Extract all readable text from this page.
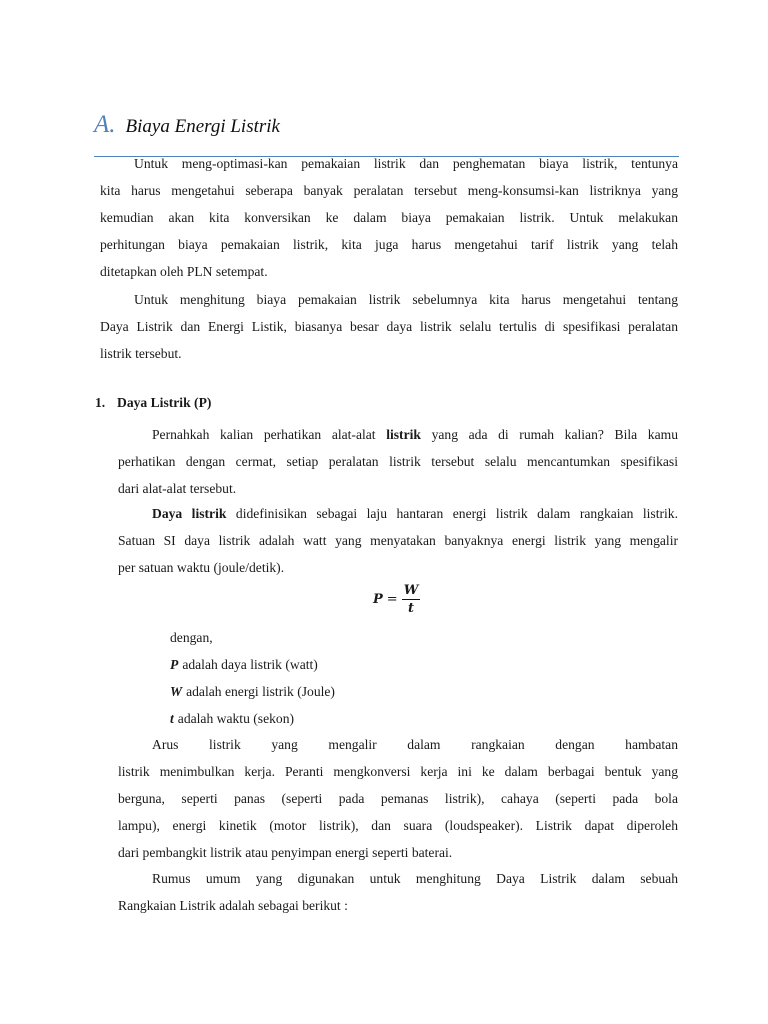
A. Biaya Energi Listrik
Untuk meng-optimasi-kan pemakaian listrik dan penghematan biaya listrik, tentunya
kita harus mengetahui seberapa banyak peralatan tersebut meng-konsumsi-kan listriknya yang
kemudian akan kita konversikan ke dalam biaya pemakaian listrik. Untuk melakukan
perhitungan biaya pemakaian listrik, kita juga harus mengetahui tarif listrik yang telah
ditetapkan oleh PLN setempat.
Untuk menghitung biaya pemakaian listrik sebelumnya kita harus mengetahui tentang
Daya Listrik dan Energi Listik, biasanya besar daya listrik selalu tertulis di spesifikasi peralatan
listrik tersebut.
1. Daya Listrik (P)
Pernahkah kalian perhatikan alat-alat listrik yang ada di rumah kalian? Bila kamu
perhatikan dengan cermat, setiap peralatan listrik tersebut selalu mencantumkan spesifikasi
dari alat-alat tersebut.
Daya listrik didefinisikan sebagai laju hantaran energi listrik dalam rangkaian listrik.
Satuan SI daya listrik adalah watt yang menyatakan banyaknya energi listrik yang mengalir
per satuan waktu (joule/detik).
$P = \frac{W}{t}$
dengan,
P adalah daya listrik (watt)
W adalah energi listrik (Joule)
t adalah waktu (sekon)
Arus listrik yang mengalir dalam rangkaian dengan hambatan
listrik menimbulkan kerja. Peranti mengkonversi kerja ini ke dalam berbagai bentuk yang
berguna, seperti panas (seperti pada pemanas listrik), cahaya (seperti pada bola
lampu), energi kinetik (motor listrik), dan suara (loudspeaker). Listrik dapat diperoleh
dari pembangkit listrik atau penyimpan energi seperti baterai.
Rumus umum yang digunakan untuk menghitung Daya Listrik dalam sebuah
Rangkaian Listrik adalah sebagai berikut :
